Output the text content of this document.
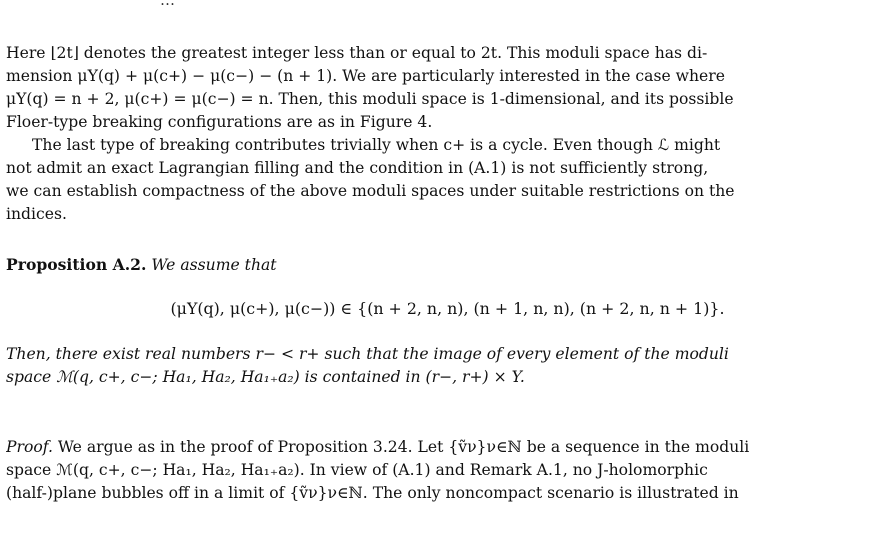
Here ⌊2t⌋ denotes the greatest integer less than or equal to 2t. This moduli space has di-
mension μY(q) + μ(c+) − μ(c−) − (n + 1). We are particularly interested in the case where
μY(q) = n + 2, μ(c+) = μ(c−) = n. Then, this moduli space is 1-dimensional, and its possible
Floer-type breaking configurations are as in Figure 4.
The last type of breaking contributes trivially when c+ is a cycle. Even though ℒ might
not admit an exact Lagrangian filling and the condition in (A.1) is not sufficiently strong,
we can establish compactness of the above moduli spaces under suitable restrictions on the
indices.
Proposition A.2. We assume that
(μY(q), μ(c+), μ(c−)) ∈ {(n + 2, n, n), (n + 1, n, n), (n + 2, n, n + 1)}.
Then, there exist real numbers r− < r+ such that the image of every element of the moduli
space ℳ(q, c+, c−; Ha₁, Ha₂, Ha₁₊a₂) is contained in (r−, r+) × Y.
Proof. We argue as in the proof of Proposition 3.24. Let {ṽν}ν∈ℕ be a sequence in the moduli
space ℳ(q, c+, c−; Ha₁, Ha₂, Ha₁₊a₂). In view of (A.1) and Remark A.1, no J-holomorphic
(half-)plane bubbles off in a limit of {ṽν}ν∈ℕ. The only noncompact scenario is illustrated in
